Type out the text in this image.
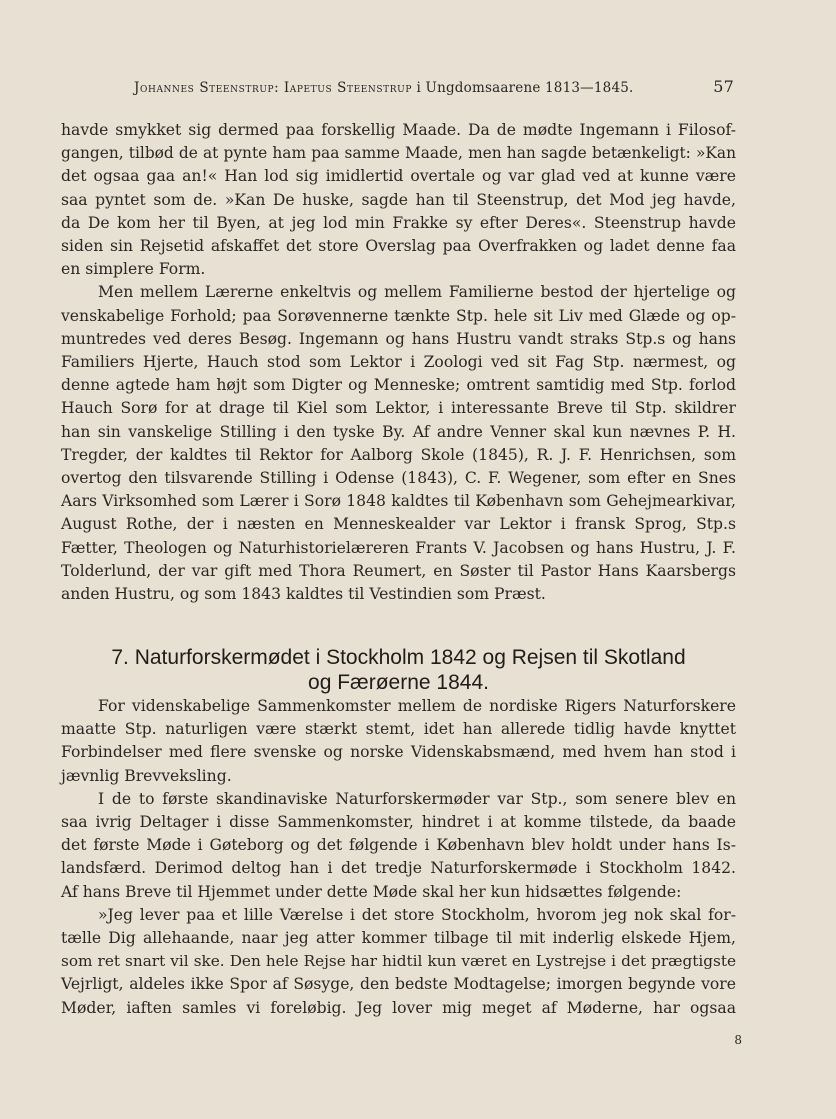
Johannes Steenstrup: Iapetus Steenstrup i Ungdomsaarene 1813—1845.	57
havde smykket sig dermed paa forskellig Maade. Da de mødte Ingemann i Filosof-
gangen, tilbød de at pynte ham paa samme Maade, men han sagde betænkeligt: »Kan
det ogsaa gaa an!« Han lod sig imidlertid overtale og var glad ved at kunne være
saa pyntet som de. »Kan De huske, sagde han til Steenstrup, det Mod jeg havde,
da De kom her til Byen, at jeg lod min Frakke sy efter Deres«. Steenstrup havde
siden sin Rejsetid afskaffet det store Overslag paa Overfrakken og ladet denne faa
en simplere Form.
Men mellem Lærerne enkeltvis og mellem Familierne bestod der hjertelige og
venskabelige Forhold; paa Sorøvennerne tænkte Stp. hele sit Liv med Glæde og op-
muntredes ved deres Besøg. Ingemann og hans Hustru vandt straks Stp.s og hans
Familiers Hjerte, Hauch stod som Lektor i Zoologi ved sit Fag Stp. nærmest, og
denne agtede ham højt som Digter og Menneske; omtrent samtidig med Stp. forlod
Hauch Sorø for at drage til Kiel som Lektor, i interessante Breve til Stp. skildrer
han sin vanskelige Stilling i den tyske By. Af andre Venner skal kun nævnes P. H.
Tregder, der kaldtes til Rektor for Aalborg Skole (1845), R. J. F. Henrichsen, som
overtog den tilsvarende Stilling i Odense (1843), C. F. Wegener, som efter en Snes
Aars Virksomhed som Lærer i Sorø 1848 kaldtes til København som Gehejmearkivar,
August Rothe, der i næsten en Menneskealder var Lektor i fransk Sprog, Stp.s
Fætter, Theologen og Naturhistorielæreren Frants V. Jacobsen og hans Hustru, J. F.
Tolderlund, der var gift med Thora Reumert, en Søster til Pastor Hans Kaarsbergs
anden Hustru, og som 1843 kaldtes til Vestindien som Præst.
7. Naturforskermødet i Stockholm 1842 og Rejsen til Skotland
og Færøerne 1844.
For videnskabelige Sammenkomster mellem de nordiske Rigers Naturforskere
maatte Stp. naturligen være stærkt stemt, idet han allerede tidlig havde knyttet
Forbindelser med flere svenske og norske Videnskabsmænd, med hvem han stod i
jævnlig Brevveksling.
I de to første skandinaviske Naturforskermøder var Stp., som senere blev en
saa ivrig Deltager i disse Sammenkomster, hindret i at komme tilstede, da baade
det første Møde i Gøteborg og det følgende i København blev holdt under hans Is-
landsfærd. Derimod deltog han i det tredje Naturforskermøde i Stockholm 1842.
Af hans Breve til Hjemmet under dette Møde skal her kun hidsættes følgende:
»Jeg lever paa et lille Værelse i det store Stockholm, hvorom jeg nok skal for-
tælle Dig allehaande, naar jeg atter kommer tilbage til mit inderlig elskede Hjem,
som ret snart vil ske. Den hele Rejse har hidtil kun været en Lystrejse i det prægtigste
Vejrligt, aldeles ikke Spor af Søsyge, den bedste Modtagelse; imorgen begynde vore
Møder, iaften samles vi foreløbig. Jeg lover mig meget af Møderne, har ogsaa
8
